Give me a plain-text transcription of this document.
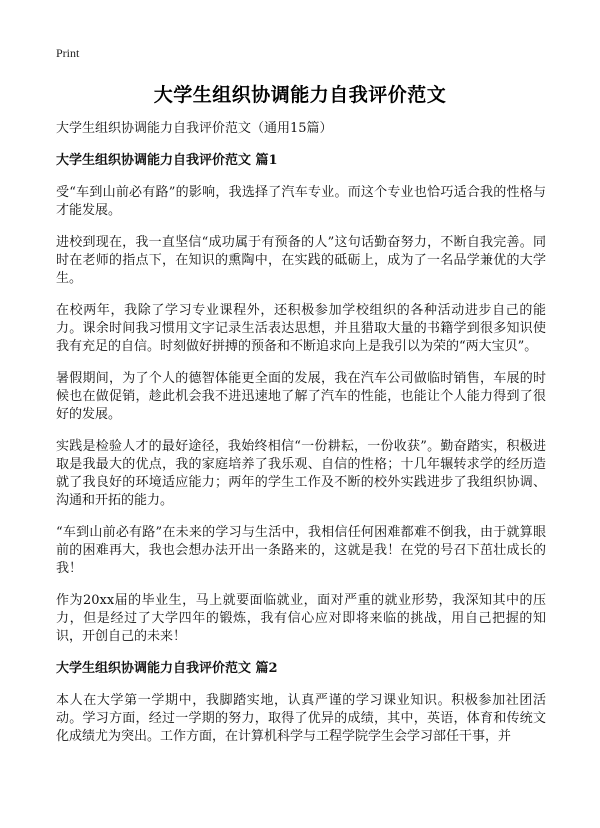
Print
大学生组织协调能力自我评价范文
大学生组织协调能力自我评价范文（通用15篇）
大学生组织协调能力自我评价范文 篇1

受“车到山前必有路”的影响，我选择了汽车专业。而这个专业也恰巧适合我的性格与才能发展。

进校到现在，我一直坚信“成功属于有预备的人”这句话勤奋努力，不断自我完善。同时在老师的指点下，在知识的熏陶中，在实践的砥砺上，成为了一名品学兼优的大学生。

在校两年，我除了学习专业课程外，还积极参加学校组织的各种活动进步自己的能力。课余时间我习惯用文字记录生活表达思想，并且猎取大量的书籍学到很多知识使我有充足的自信。时刻做好拼搏的预备和不断追求向上是我引以为荣的“两大宝贝”。

暑假期间，为了个人的德智体能更全面的发展，我在汽车公司做临时销售，车展的时候也在做促销，趁此机会我不进迅速地了解了汽车的性能，也能让个人能力得到了很好的发展。

实践是检验人才的最好途径，我始终相信“一份耕耘，一份收获”。勤奋踏实，积极进取是我最大的优点，我的家庭培养了我乐观、自信的性格；十几年辗转求学的经历造就了我良好的环境适应能力；两年的学生工作及不断的校外实践进步了我组织协调、沟通和开拓的能力。

“车到山前必有路”在未来的学习与生活中，我相信任何困难都难不倒我，由于就算眼前的困难再大，我也会想办法开出一条路来的，这就是我！在党的号召下茁壮成长的我！

作为20xx届的毕业生，马上就要面临就业，面对严重的就业形势，我深知其中的压力，但是经过了大学四年的锻炼，我有信心应对即将来临的挑战，用自己把握的知识，开创自己的未来！

大学生组织协调能力自我评价范文 篇2

本人在大学第一学期中，我脚踏实地，认真严谨的学习课业知识。积极参加社团活动。学习方面，经过一学期的努力，取得了优异的成绩，其中，英语，体育和传统文化成绩尤为突出。工作方面，在计算机科学与工程学院学生会学习部任干事，并
